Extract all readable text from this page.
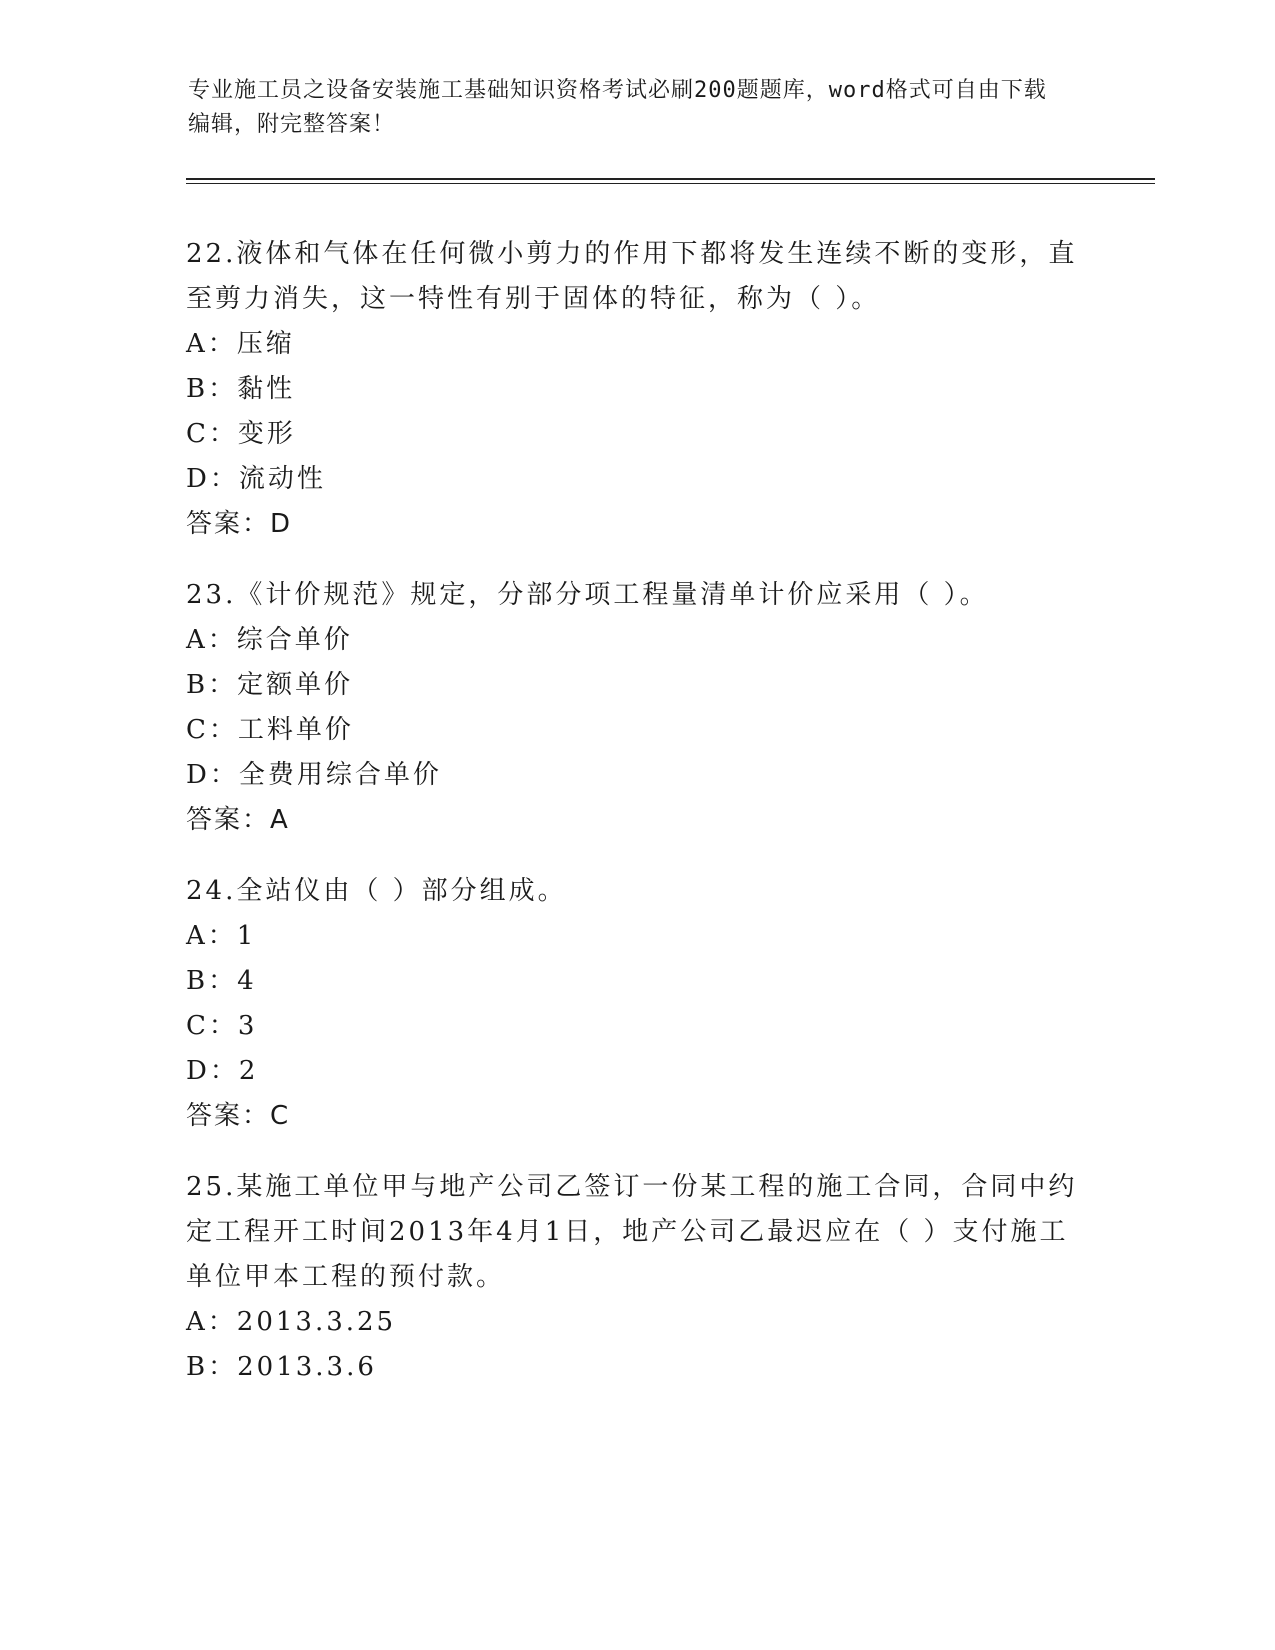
专业施工员之设备安装施工基础知识资格考试必刷200题题库，word格式可自由下载编辑，附完整答案！

22.液体和气体在任何微小剪力的作用下都将发生连续不断的变形，直至剪力消失，这一特性有别于固体的特征，称为（ ）。

A：压缩

B：黏性

C：变形

D：流动性

答案：D

23.《计价规范》规定，分部分项工程量清单计价应采用（ ）。

A：综合单价

B：定额单价

C：工料单价

D：全费用综合单价

答案：A

24.全站仪由（ ）部分组成。

A：1

B：4

C：3

D：2

答案：C

25.某施工单位甲与地产公司乙签订一份某工程的施工合同，合同中约定工程开工时间2013年4月1日，地产公司乙最迟应在（ ）支付施工单位甲本工程的预付款。

A：2013.3.25

B：2013.3.6
